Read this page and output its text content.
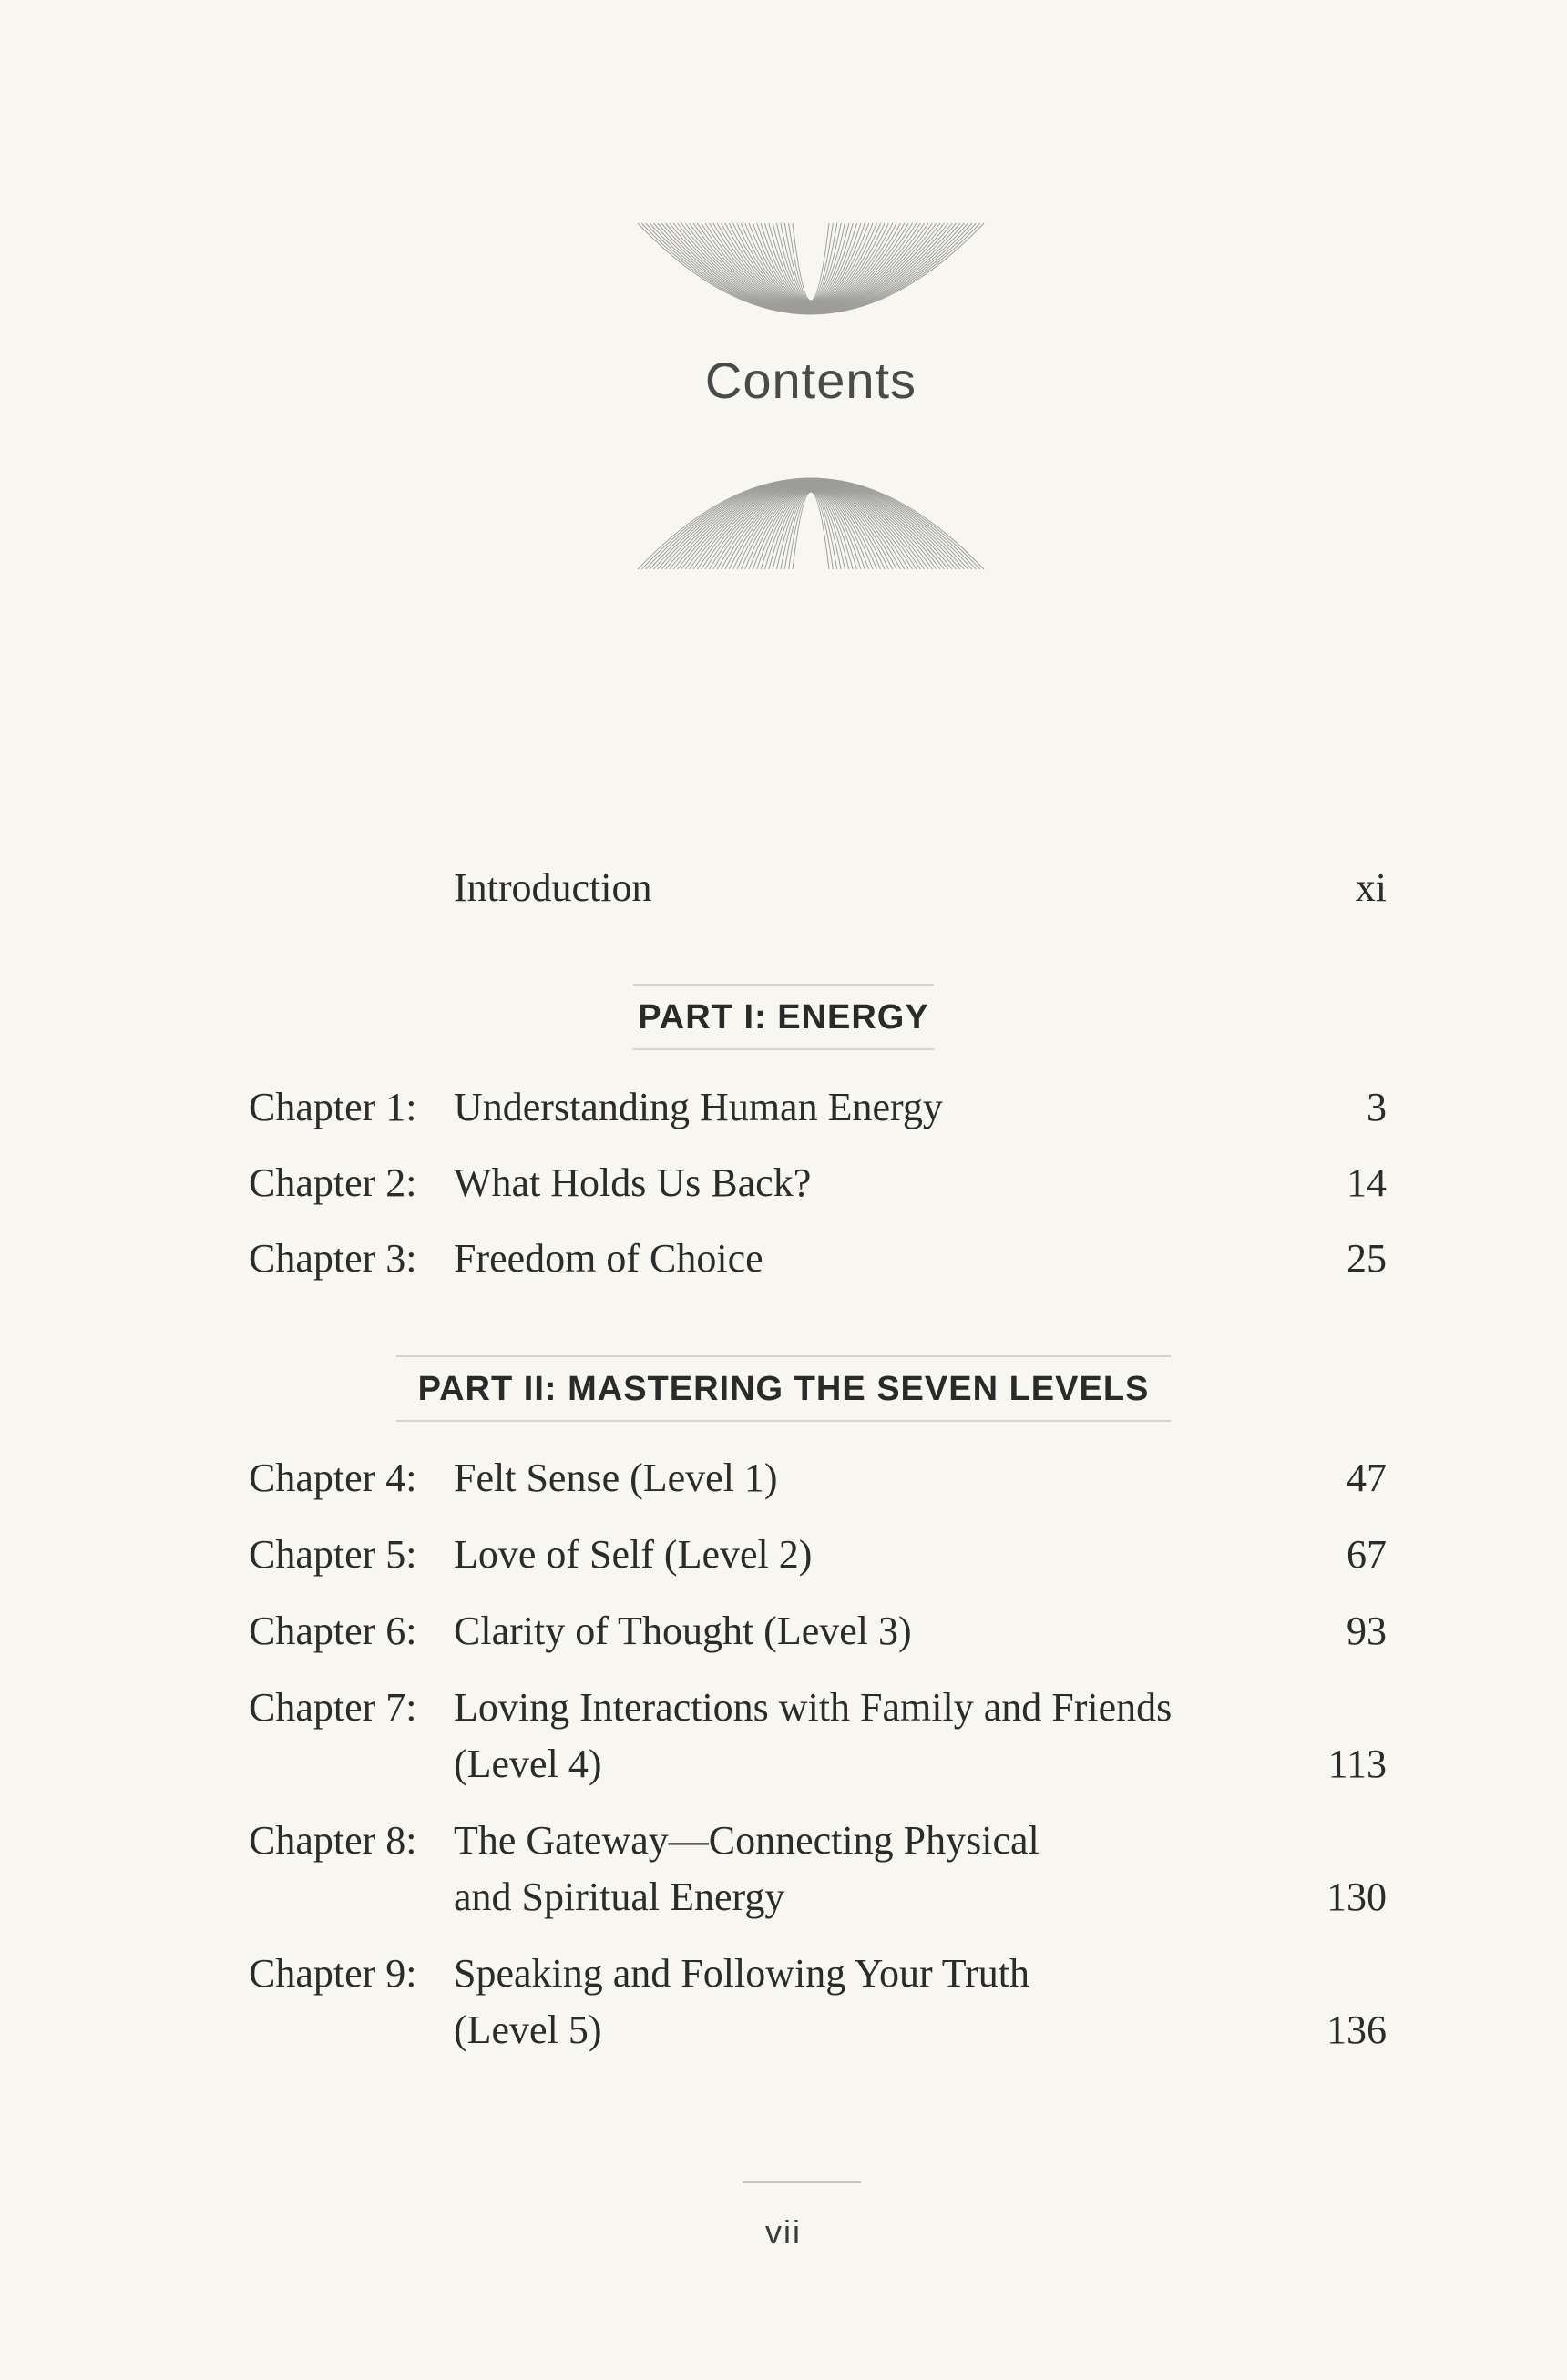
Contents
Introduction	xi
PART I: ENERGY
Chapter 1: Understanding Human Energy	3
Chapter 2: What Holds Us Back?	14
Chapter 3: Freedom of Choice	25
PART II: MASTERING THE SEVEN LEVELS
Chapter 4: Felt Sense (Level 1)	47
Chapter 5: Love of Self (Level 2)	67
Chapter 6: Clarity of Thought (Level 3)	93
Chapter 7: Loving Interactions with Family and Friends
(Level 4)	113
Chapter 8: The Gateway—Connecting Physical
and Spiritual Energy	130
Chapter 9: Speaking and Following Your Truth
(Level 5)	136
vii
